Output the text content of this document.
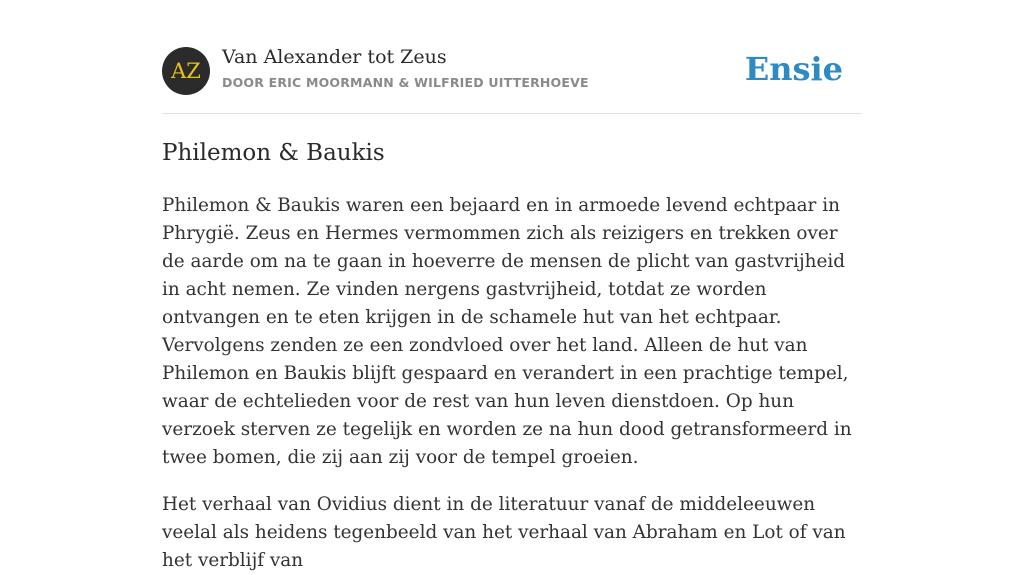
AZ
Van Alexander tot Zeus
DOOR ERIC MOORMANN & WILFRIED UITTERHOEVE	Ensie
Philemon & Baukis

Philemon & Baukis waren een bejaard en in armoede levend echtpaar in Phrygië. Zeus en Hermes vermommen zich als reizigers en trekken over de aarde om na te gaan in hoeverre de mensen de plicht van gastvrijheid in acht nemen. Ze vinden nergens gastvrijheid, totdat ze worden ontvangen en te eten krijgen in de schamele hut van het echtpaar. Vervolgens zenden ze een zondvloed over het land. Alleen de hut van Philemon en Baukis blijft gespaard en verandert in een prachtige tempel, waar de echtelieden voor de rest van hun leven dienstdoen. Op hun verzoek sterven ze tegelijk en worden ze na hun dood getransformeerd in twee bomen, die zij aan zij voor de tempel groeien.

Het verhaal van Ovidius dient in de literatuur vanaf de middeleeuwen veelal als heidens tegenbeeld van het verhaal van Abraham en Lot of van het verblijf van
